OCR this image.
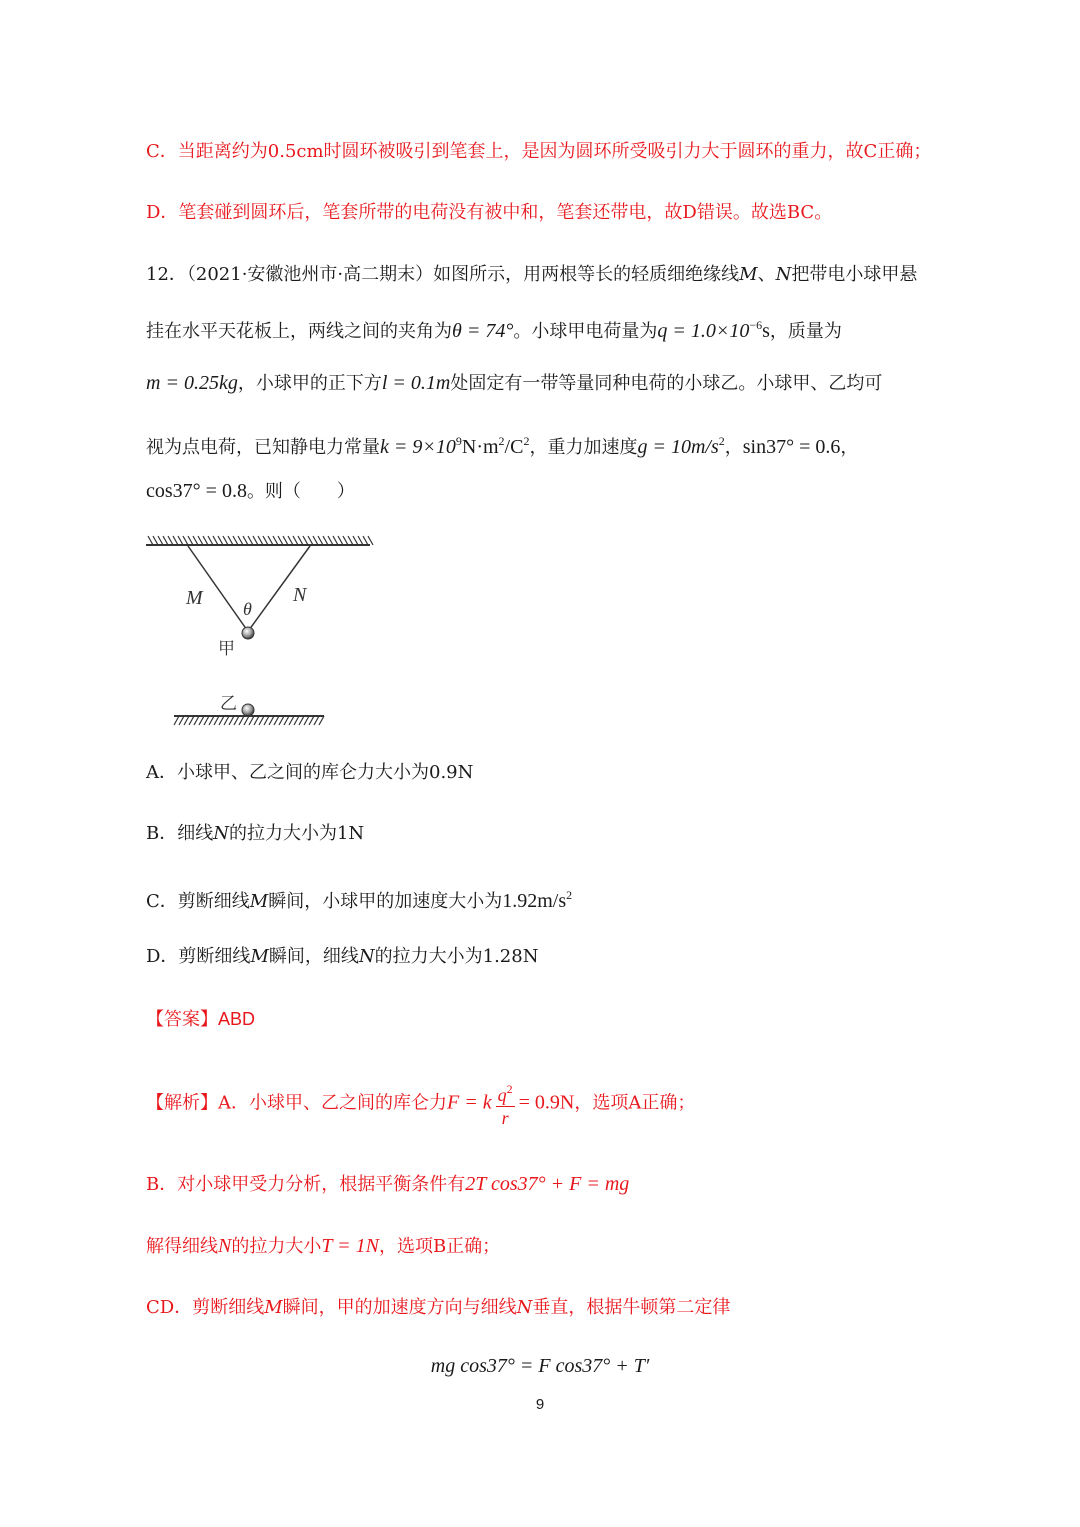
C．当距离约为0.5cm时圆环被吸引到笔套上，是因为圆环所受吸引力大于圆环的重力，故C正确；
D．笔套碰到圆环后，笔套所带的电荷没有被中和，笔套还带电，故D错误。故选BC。
12．（2021·安徽池州市·高二期末）如图所示，用两根等长的轻质细绝缘线M、N把带电小球甲悬
挂在水平天花板上，两线之间的夹角为θ = 74°。小球甲电荷量为$q = 1.0\times 10^{-6}s$，质量为
m = 0.25kg，小球甲的正下方l = 0.1m处固定有一带等量同种电荷的小球乙。小球甲、乙均可
视为点电荷，已知静电力常量$k = 9\times 10^9N\cdot m^2/C^2$，重力加速度$g = 10m/s^2$，sin37° = 0.6，
cos37° = 0.8。则（　　）
M	N
θ
甲
乙
A．小球甲、乙之间的库仑力大小为0.9N
B．细线N的拉力大小为1N
C．剪断细线M瞬间，小球甲的加速度大小为$1.92m/s^2$
D．剪断细线M瞬间，细线N的拉力大小为1.28N
【答案】ABD
【解析】A．小球甲、乙之间的库仑力F = k $\frac{q^2}{r} = 0.9N$，选项A正确；
B．对小球甲受力分析，根据平衡条件有2T cos37° + F = mg
解得细线N的拉力大小T = 1N，选项B正确；
CD．剪断细线M瞬间，甲的加速度方向与细线N垂直，根据牛顿第二定律
mg cos37° = F cos37° + T′
9
